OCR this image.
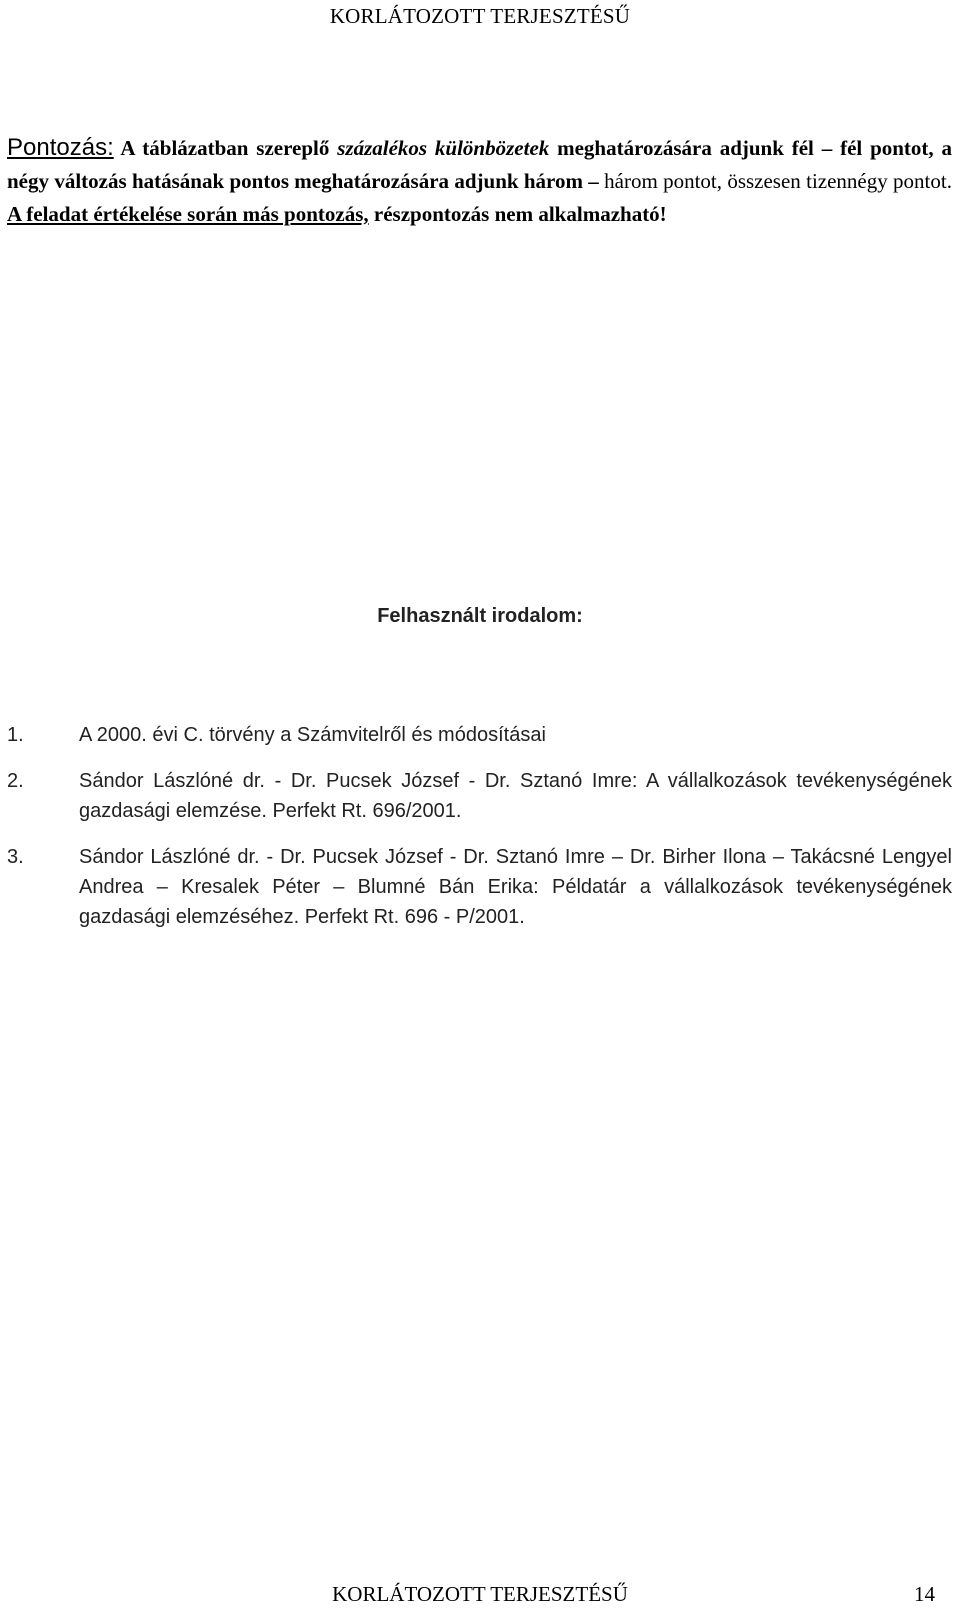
KORLÁTOZOTT TERJESZTÉSŰ
Pontozás: A táblázatban szereplő százalékos különbözetek meghatározására adjunk fél – fél pontot, a négy változás hatásának pontos meghatározására adjunk három – három pontot, összesen tizennégy pontot. A feladat értékelése során más pontozás, részpontozás nem alkalmazható!
Felhasznált irodalom:
1.	A 2000. évi C. törvény a Számvitelről és módosításai
2.	Sándor Lászlóné dr. - Dr. Pucsek József - Dr. Sztanó Imre: A vállalkozások tevékenységének gazdasági elemzése. Perfekt Rt. 696/2001.
3.	Sándor Lászlóné dr. - Dr. Pucsek József - Dr. Sztanó Imre – Dr. Birher Ilona – Takácsné Lengyel Andrea – Kresalek Péter – Blumné Bán Erika: Példatár a vállalkozások tevékenységének gazdasági elemzéséhez. Perfekt Rt. 696 - P/2001.
KORLÁTOZOTT TERJESZTÉSŰ	14
